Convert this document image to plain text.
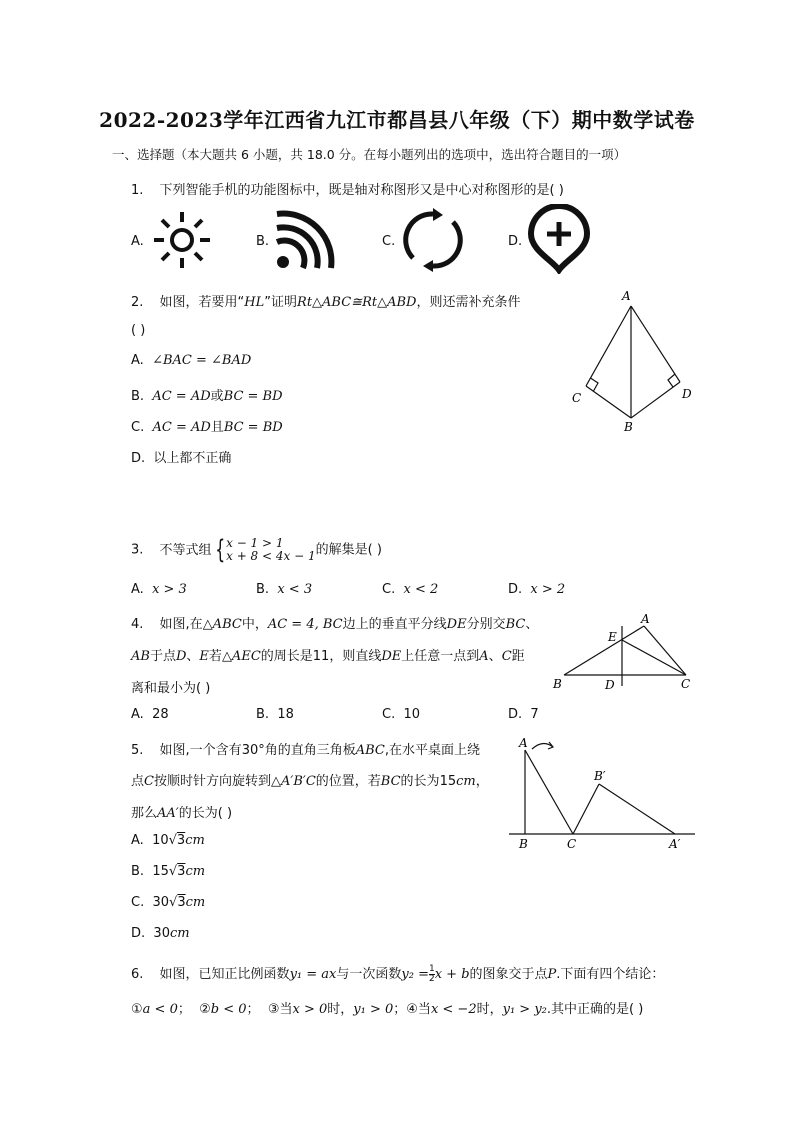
2022-2023学年江西省九江市都昌县八年级（下）期中数学试卷
一、选择题（本大题共 6 小题，共 18.0 分。在每小题列出的选项中，选出符合题目的一项）
1. 下列智能手机的功能图标中，既是轴对称图形又是中心对称图形的是( )
A.	B.	C.	D.
2. 如图，若要用“HL”证明Rt△ABC≅Rt△ABD，则还需补充条件
( )
A. ∠BAC = ∠BAD
B. AC = AD或BC = BD
C. AC = AD且BC = BD
D. 以上都不正确
A
C	D
B
3. 不等式组 { x − 1 > 1
x + 8 < 4x − 1 的解集是( )
A. x > 3	B. x < 3	C. x < 2	D. x > 2
4. 如图,在△ABC中，AC = 4, BC边上的垂直平分线DE分别交BC、
AB于点D、E若△AEC的周长是11，则直线DE上任意一点到A、C距
离和最小为( )
A. 28	B. 18	C. 10	D. 7
A
E
B	D	C
5. 如图,一个含有30°角的直角三角板ABC,在水平桌面上绕
点C按顺时针方向旋转到△A′B′C的位置，若BC的长为15cm，
那么AA′的长为( )
A. 10√3cm
B. 15√3cm
C. 30√3cm
D. 30cm
A
B	C
B′
A′
6. 如图，已知正比例函数y₁ = ax与一次函数$y_2 = \frac{1}{2}$ x + b的图象交于点P.下面有四个结论：
①a < 0； ②b < 0； ③当x > 0时，y₁ > 0；④当x < −2时，y₁ > y₂.其中正确的是( )
